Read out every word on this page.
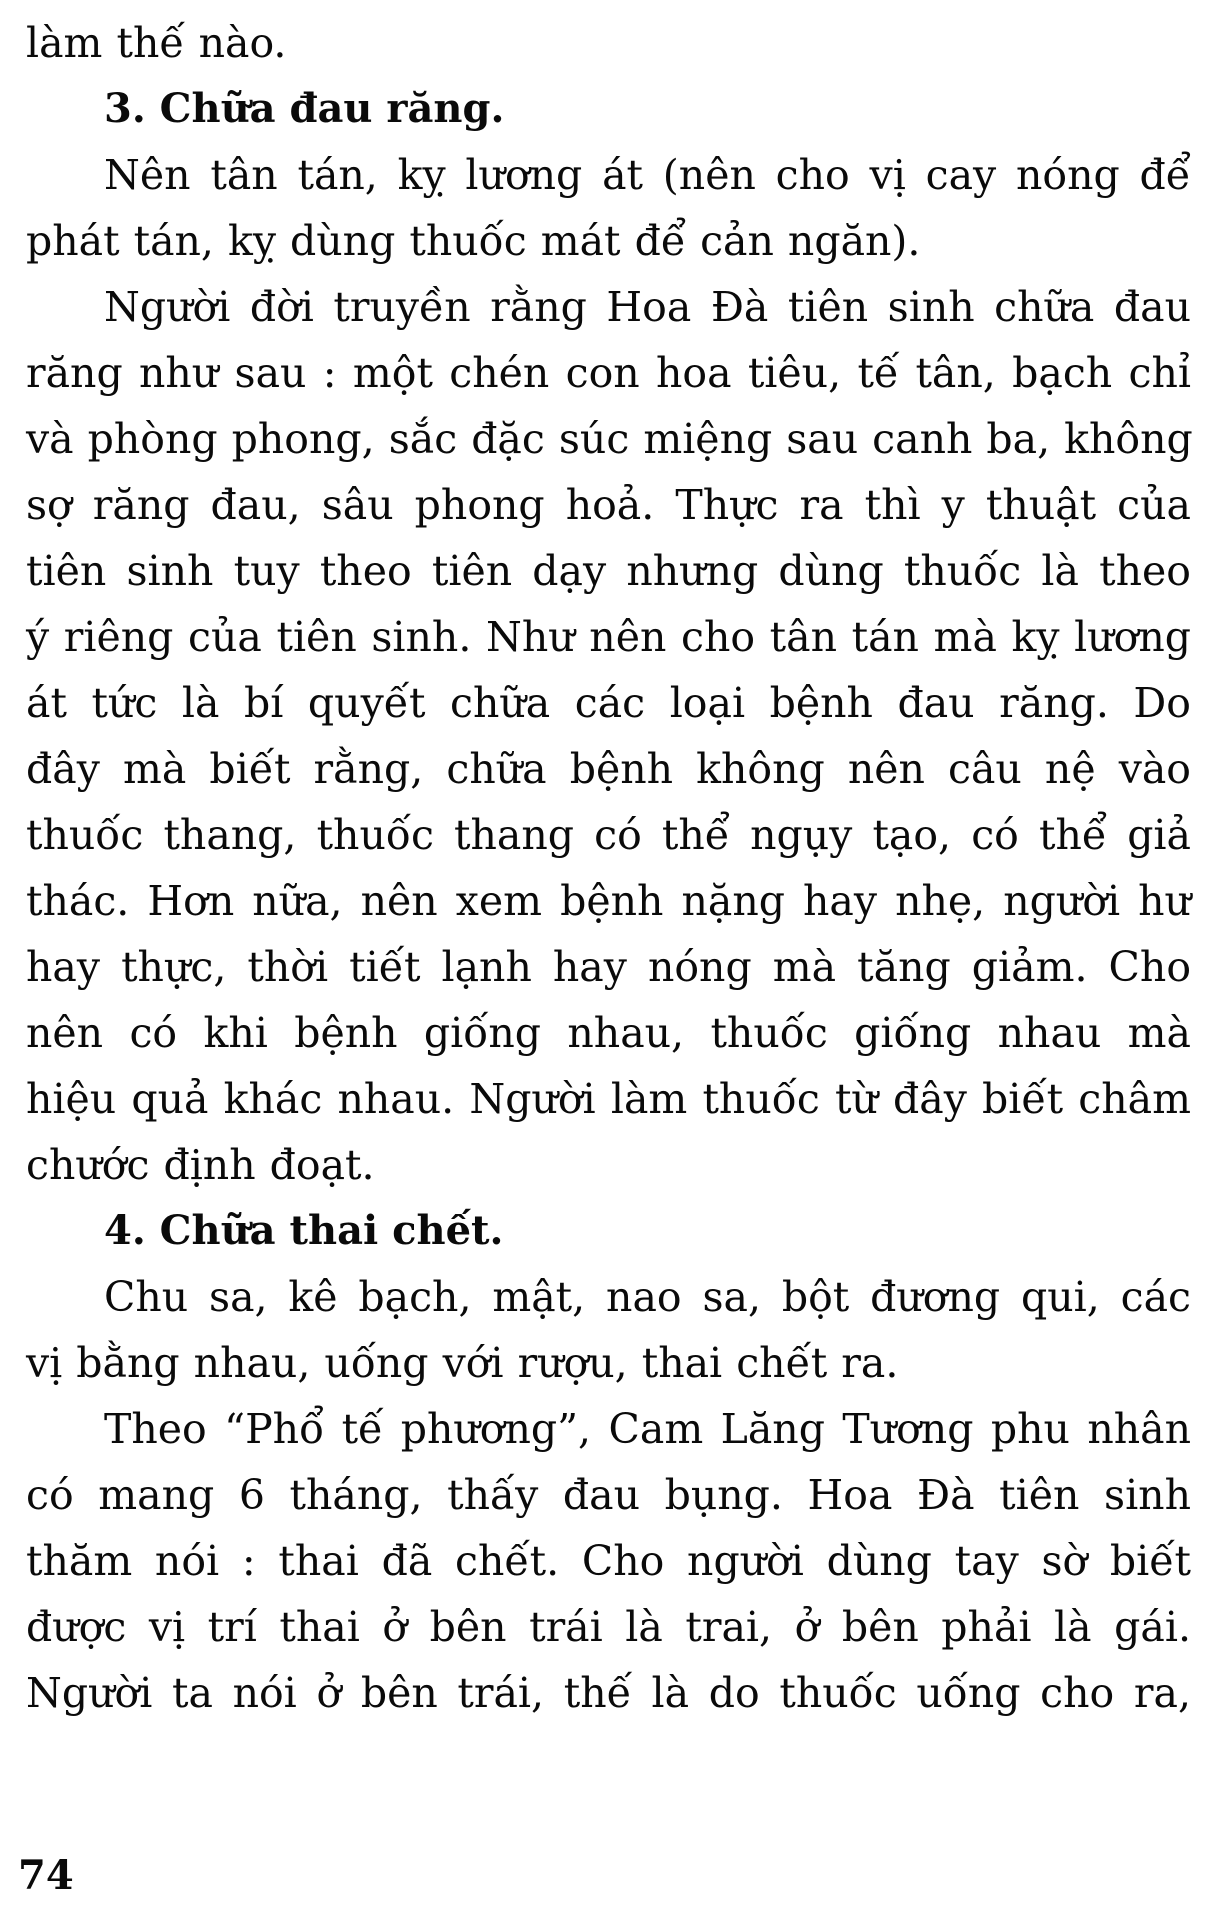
làm thế nào.
3. Chữa đau răng.
Nên tân tán, kỵ lương át (nên cho vị cay nóng để
phát tán, kỵ dùng thuốc mát để cản ngăn).
Người đời truyền rằng Hoa Đà tiên sinh chữa đau
răng như sau : một chén con hoa tiêu, tế tân, bạch chỉ
và phòng phong, sắc đặc súc miệng sau canh ba, không
sợ răng đau, sâu phong hoả. Thực ra thì y thuật của
tiên sinh tuy theo tiên dạy nhưng dùng thuốc là theo
ý riêng của tiên sinh. Như nên cho tân tán mà kỵ lương
át tức là bí quyết chữa các loại bệnh đau răng. Do
đây mà biết rằng, chữa bệnh không nên câu nệ vào
thuốc thang, thuốc thang có thể ngụy tạo, có thể giả
thác. Hơn nữa, nên xem bệnh nặng hay nhẹ, người hư
hay thực, thời tiết lạnh hay nóng mà tăng giảm. Cho
nên có khi bệnh giống nhau, thuốc giống nhau mà
hiệu quả khác nhau. Người làm thuốc từ đây biết châm
chước định đoạt.
4. Chữa thai chết.
Chu sa, kê bạch, mật, nao sa, bột đương qui, các
vị bằng nhau, uống với rượu, thai chết ra.
Theo “Phổ tế phương”, Cam Lăng Tương phu nhân
có mang 6 tháng, thấy đau bụng. Hoa Đà tiên sinh
thăm nói : thai đã chết. Cho người dùng tay sờ biết
được vị trí thai ở bên trái là trai, ở bên phải là gái.
Người ta nói ở bên trái, thế là do thuốc uống cho ra,
74
